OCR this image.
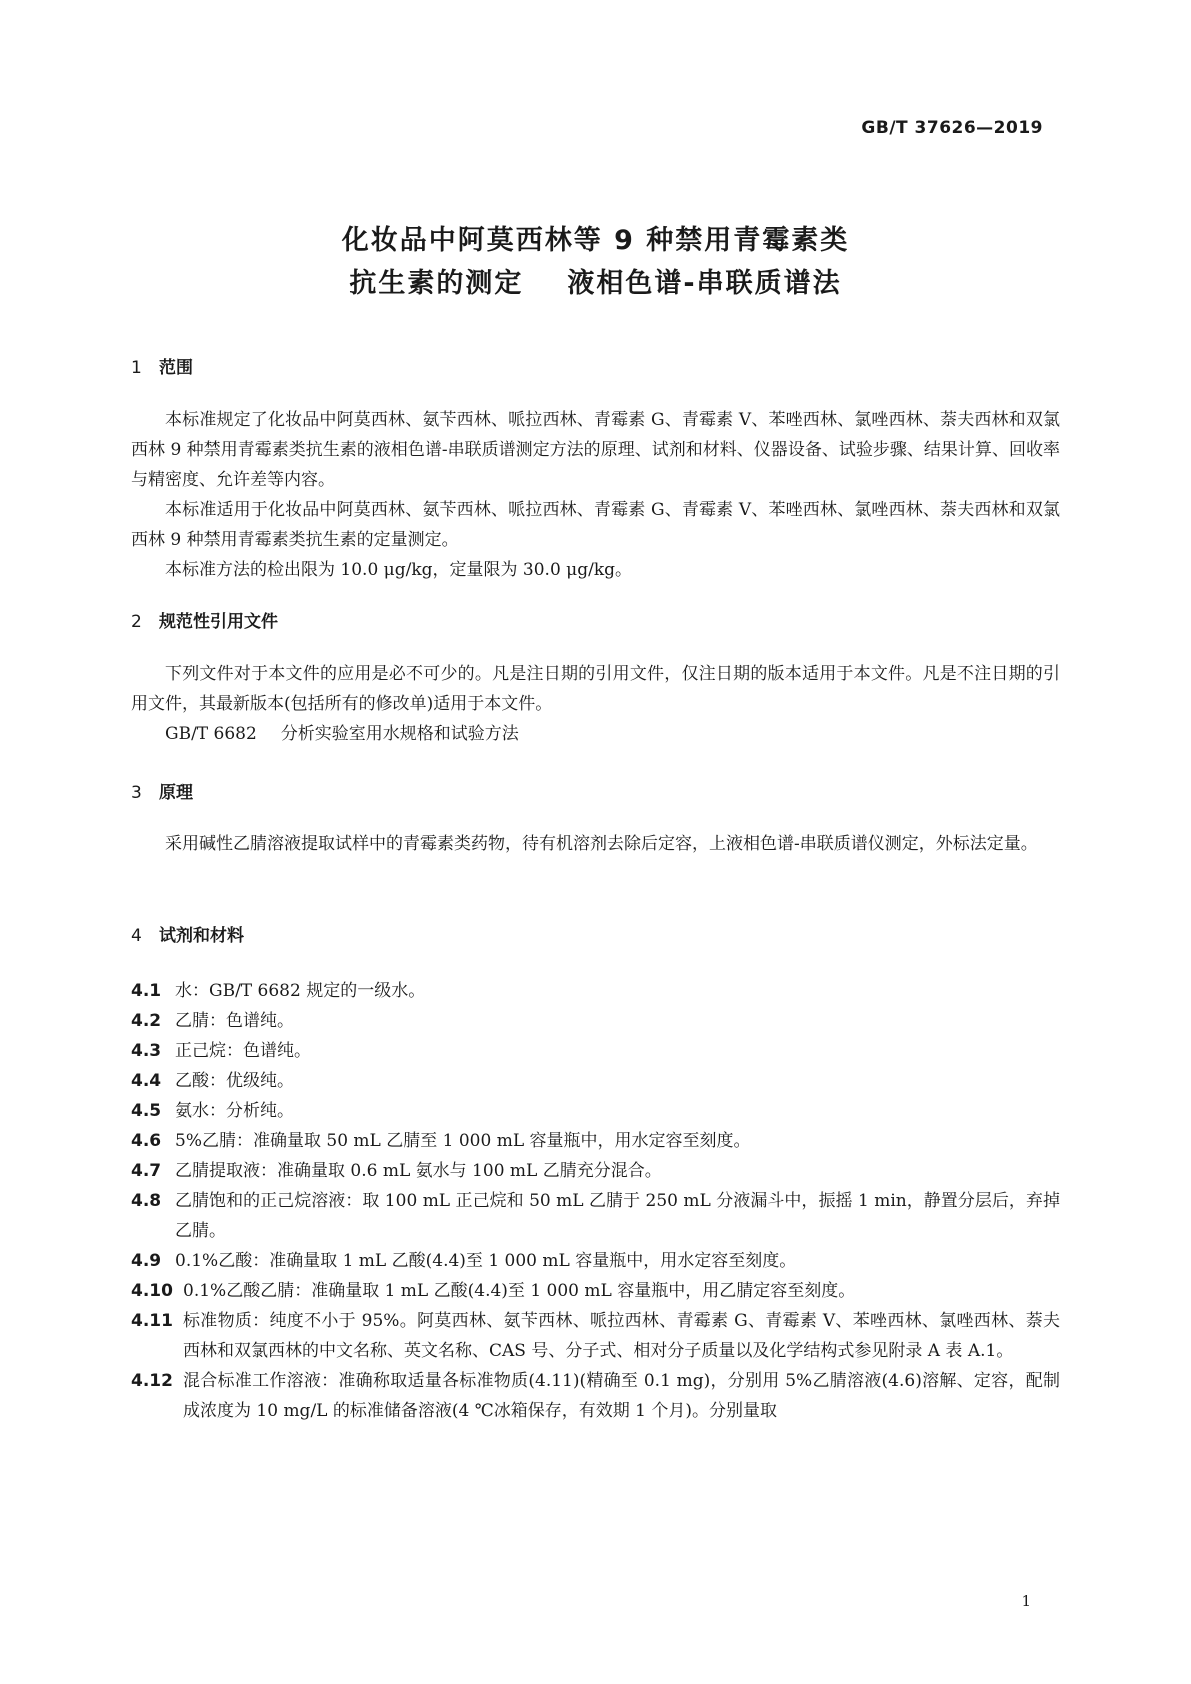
GB/T 37626—2019
化妆品中阿莫西林等 9 种禁用青霉素类
抗生素的测定 液相色谱-串联质谱法
1 范围

本标准规定了化妆品中阿莫西林、氨苄西林、哌拉西林、青霉素 G、青霉素 V、苯唑西林、氯唑西林、萘夫西林和双氯西林 9 种禁用青霉素类抗生素的液相色谱-串联质谱测定方法的原理、试剂和材料、仪器设备、试验步骤、结果计算、回收率与精密度、允许差等内容。

本标准适用于化妆品中阿莫西林、氨苄西林、哌拉西林、青霉素 G、青霉素 V、苯唑西林、氯唑西林、萘夫西林和双氯西林 9 种禁用青霉素类抗生素的定量测定。

本标准方法的检出限为 10.0 μg/kg，定量限为 30.0 μg/kg。

2 规范性引用文件

下列文件对于本文件的应用是必不可少的。凡是注日期的引用文件，仅注日期的版本适用于本文件。凡是不注日期的引用文件，其最新版本(包括所有的修改单)适用于本文件。

GB/T 6682 分析实验室用水规格和试验方法
3 原理

采用碱性乙腈溶液提取试样中的青霉素类药物，待有机溶剂去除后定容，上液相色谱-串联质谱仪测定，外标法定量。

4 试剂和材料
4.1 水：GB/T 6682 规定的一级水。
4.2 乙腈：色谱纯。
4.3 正己烷：色谱纯。
4.4 乙酸：优级纯。
4.5 氨水：分析纯。
4.6 5%乙腈：准确量取 50 mL 乙腈至 1 000 mL 容量瓶中，用水定容至刻度。
4.7 乙腈提取液：准确量取 0.6 mL 氨水与 100 mL 乙腈充分混合。
4.8 乙腈饱和的正己烷溶液：取 100 mL 正己烷和 50 mL 乙腈于 250 mL 分液漏斗中，振摇 1 min，静置分层后，弃掉乙腈。
4.9 0.1%乙酸：准确量取 1 mL 乙酸(4.4)至 1 000 mL 容量瓶中，用水定容至刻度。
4.10 0.1%乙酸乙腈：准确量取 1 mL 乙酸(4.4)至 1 000 mL 容量瓶中，用乙腈定容至刻度。
4.11 标准物质：纯度不小于 95%。阿莫西林、氨苄西林、哌拉西林、青霉素 G、青霉素 V、苯唑西林、氯唑西林、萘夫西林和双氯西林的中文名称、英文名称、CAS 号、分子式、相对分子质量以及化学结构式参见附录 A 表 A.1。
4.12 混合标准工作溶液：准确称取适量各标准物质(4.11)(精确至 0.1 mg)，分别用 5%乙腈溶液(4.6)溶解、定容，配制成浓度为 10 mg/L 的标准储备溶液(4 ℃冰箱保存，有效期 1 个月)。分别量取
1
